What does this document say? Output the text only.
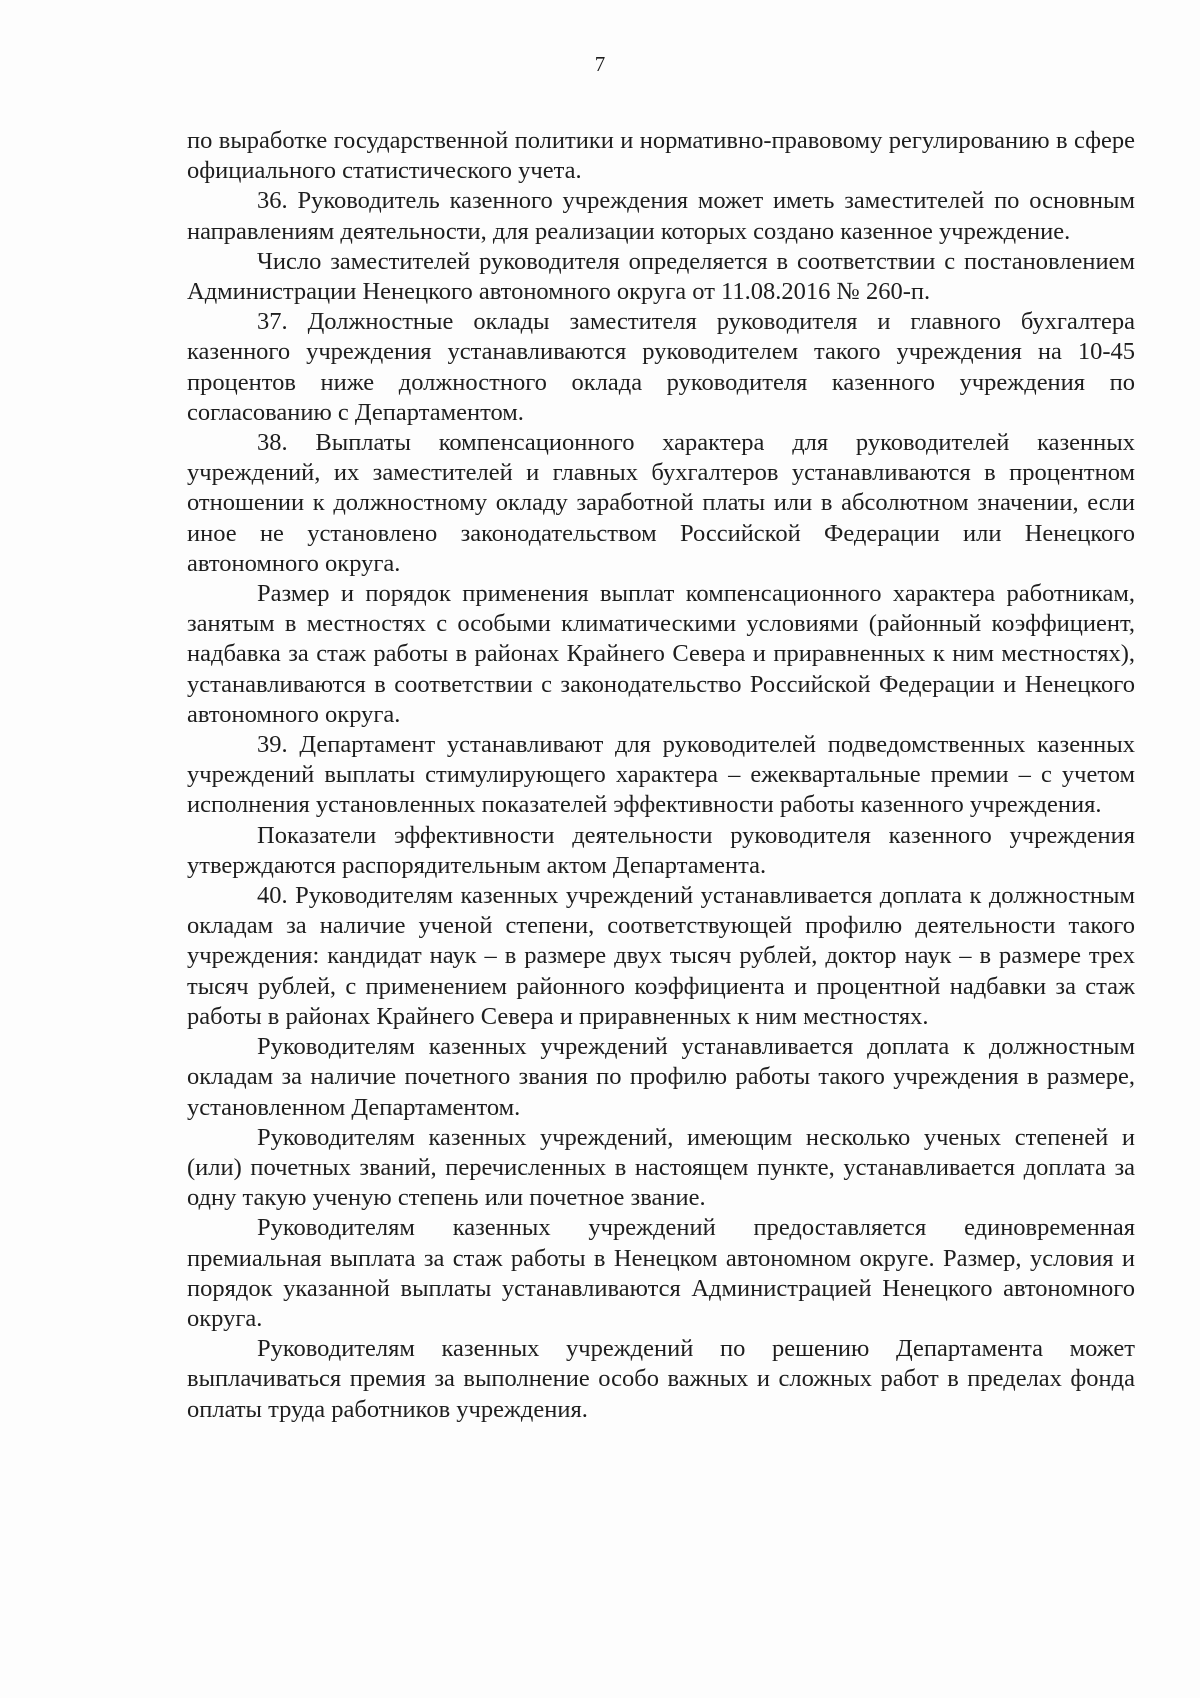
7

по выработке государственной политики и нормативно-правовому регулированию в сфере официального статистического учета.

36. Руководитель казенного учреждения может иметь заместителей по основным направлениям деятельности, для реализации которых создано казенное учреждение.

Число заместителей руководителя определяется в соответствии с постановлением Администрации Ненецкого автономного округа от 11.08.2016 № 260-п.

37. Должностные оклады заместителя руководителя и главного бухгалтера казенного учреждения устанавливаются руководителем такого учреждения на 10-45 процентов ниже должностного оклада руководителя казенного учреждения по согласованию с Департаментом.

38. Выплаты компенсационного характера для руководителей казенных учреждений, их заместителей и главных бухгалтеров устанавливаются в процентном отношении к должностному окладу заработной платы или в абсолютном значении, если иное не установлено законодательством Российской Федерации или Ненецкого автономного округа.

Размер и порядок применения выплат компенсационного характера работникам, занятым в местностях с особыми климатическими условиями (районный коэффициент, надбавка за стаж работы в районах Крайнего Севера и приравненных к ним местностях), устанавливаются в соответствии с законодательство Российской Федерации и Ненецкого автономного округа.

39. Департамент устанавливают для руководителей подведомственных казенных учреждений выплаты стимулирующего характера – ежеквартальные премии – с учетом исполнения установленных показателей эффективности работы казенного учреждения.

Показатели эффективности деятельности руководителя казенного учреждения утверждаются распорядительным актом Департамента.

40. Руководителям казенных учреждений устанавливается доплата к должностным окладам за наличие ученой степени, соответствующей профилю деятельности такого учреждения: кандидат наук – в размере двух тысяч рублей, доктор наук – в размере трех тысяч рублей, с применением районного коэффициента и процентной надбавки за стаж работы в районах Крайнего Севера и приравненных к ним местностях.

Руководителям казенных учреждений устанавливается доплата к должностным окладам за наличие почетного звания по профилю работы такого учреждения в размере, установленном Департаментом.

Руководителям казенных учреждений, имеющим несколько ученых степеней и (или) почетных званий, перечисленных в настоящем пункте, устанавливается доплата за одну такую ученую степень или почетное звание.

Руководителям казенных учреждений предоставляется единовременная премиальная выплата за стаж работы в Ненецком автономном округе. Размер, условия и порядок указанной выплаты устанавливаются Администрацией Ненецкого автономного округа.

Руководителям казенных учреждений по решению Департамента может выплачиваться премия за выполнение особо важных и сложных работ в пределах фонда оплаты труда работников учреждения.
